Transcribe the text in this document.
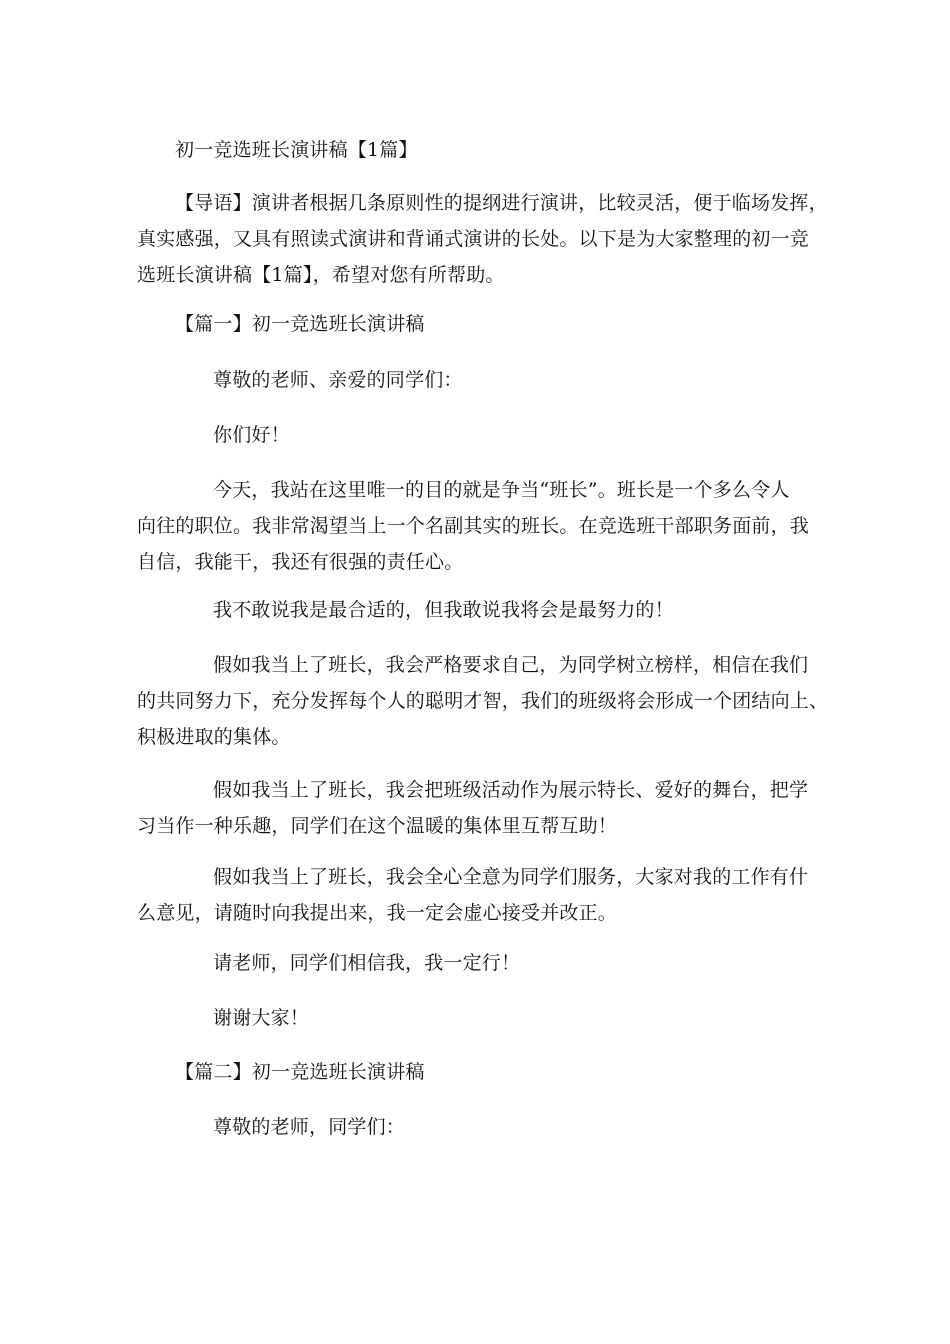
初一竞选班长演讲稿【1篇】
【导语】演讲者根据几条原则性的提纲进行演讲，比较灵活，便于临场发挥，
真实感强，又具有照读式演讲和背诵式演讲的长处。以下是为大家整理的初一竞
选班长演讲稿【1篇】，希望对您有所帮助。
【篇一】初一竞选班长演讲稿
尊敬的老师、亲爱的同学们：
你们好！
今天，我站在这里唯一的目的就是争当“班长”。班长是一个多么令人
向往的职位。我非常渴望当上一个名副其实的班长。在竞选班干部职务面前，我
自信，我能干，我还有很强的责任心。
我不敢说我是最合适的，但我敢说我将会是最努力的！
假如我当上了班长，我会严格要求自己，为同学树立榜样，相信在我们
的共同努力下，充分发挥每个人的聪明才智，我们的班级将会形成一个团结向上、
积极进取的集体。
假如我当上了班长，我会把班级活动作为展示特长、爱好的舞台，把学
习当作一种乐趣，同学们在这个温暖的集体里互帮互助！
假如我当上了班长，我会全心全意为同学们服务，大家对我的工作有什
么意见，请随时向我提出来，我一定会虚心接受并改正。
请老师，同学们相信我，我一定行！
谢谢大家！
【篇二】初一竞选班长演讲稿
尊敬的老师，同学们：
